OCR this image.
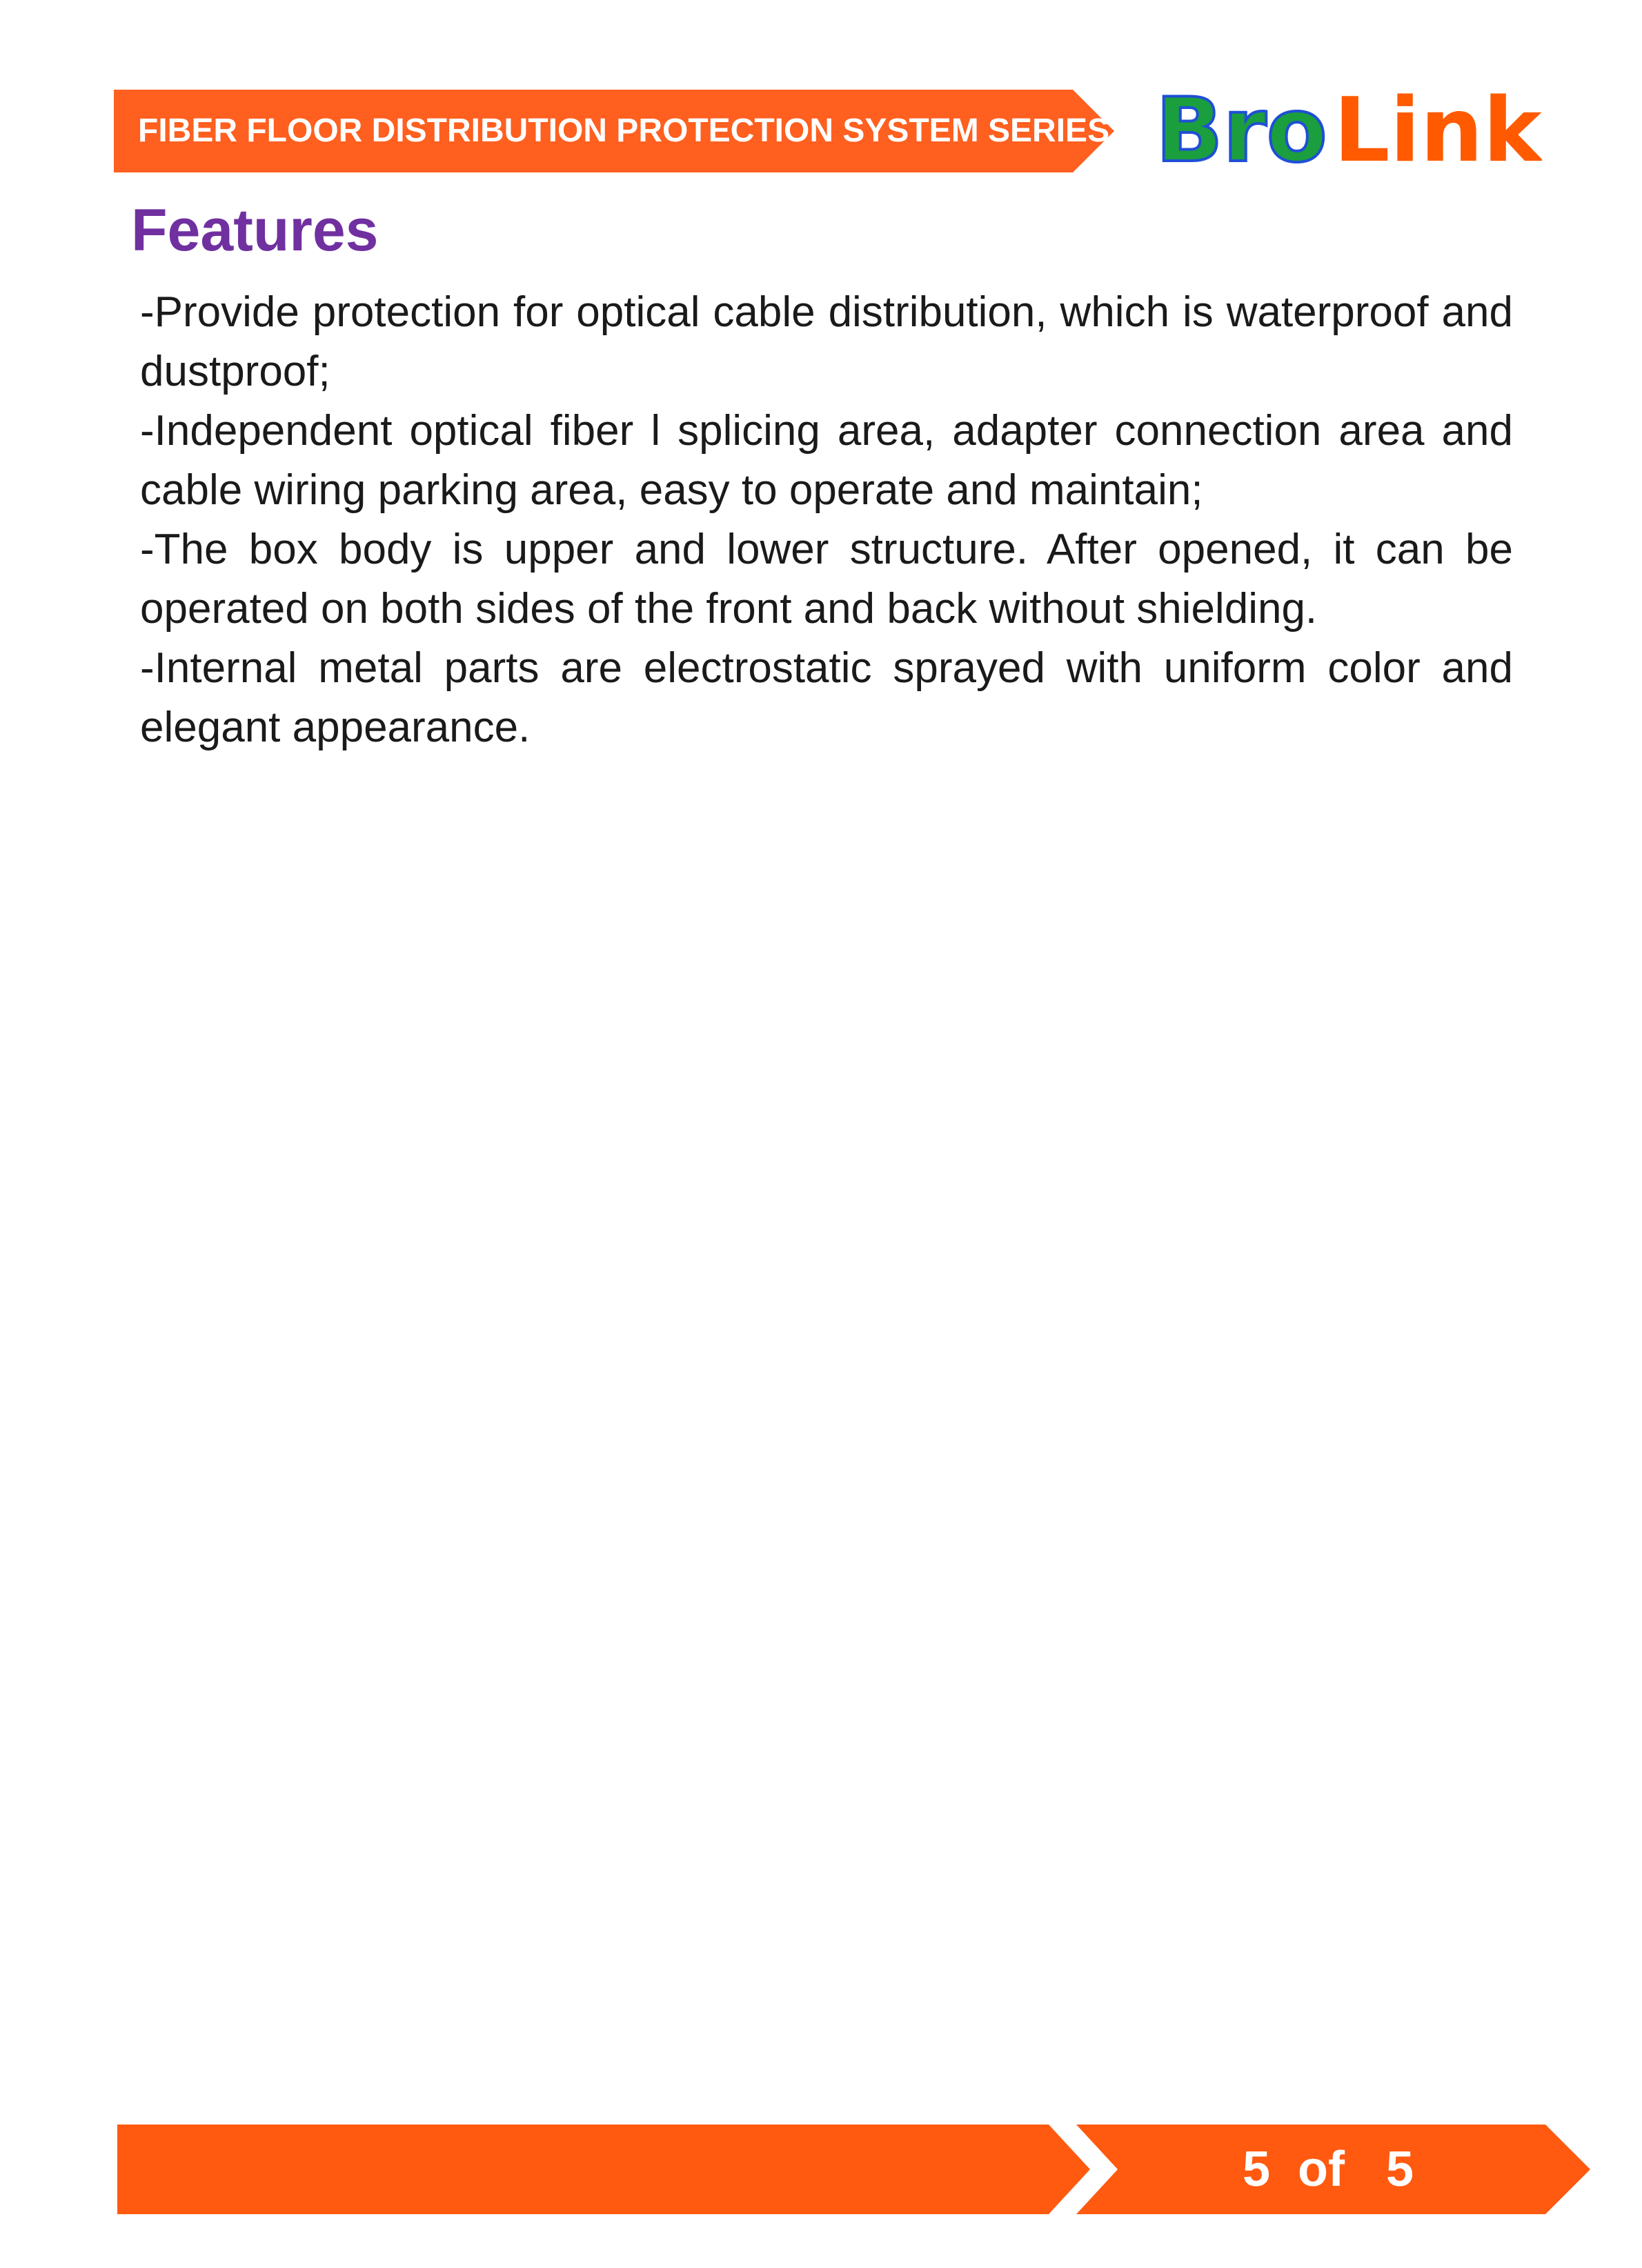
FIBER FLOOR DISTRIBUTION PROTECTION SYSTEM SERIES Bro Link
Features
-Provide protection for optical cable distribution, which is waterproof and dustproof;
-Independent optical fiber l splicing area, adapter connection area and cable wiring parking area, easy to operate and maintain;
-The box body is upper and lower structure. After opened, it can be operated on both sides of the front and back without shielding.
-Internal metal parts are electrostatic sprayed with uniform color and elegant appearance.
5  of   5
